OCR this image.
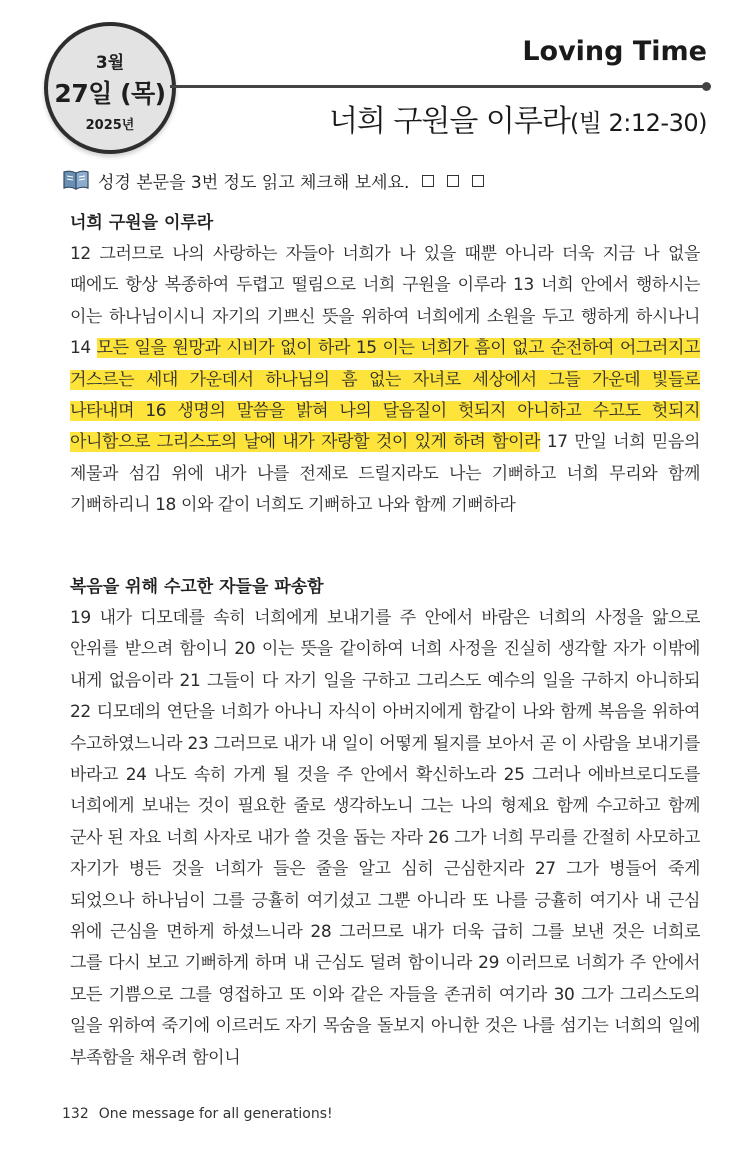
3월
27일 (목)
2025년
Loving Time
너희 구원을 이루라(빌 2:12-30)
성경 본문을 3번 정도 읽고 체크해 보세요.
너희 구원을 이루라

12 그러므로 나의 사랑하는 자들아 너희가 나 있을 때뿐 아니라 더욱 지금 나 없을 때에도 항상 복종하여 두렵고 떨림으로 너희 구원을 이루라 13 너희 안에서 행하시는 이는 하나님이시니 자기의 기쁘신 뜻을 위하여 너희에게 소원을 두고 행하게 하시나니 14 모든 일을 원망과 시비가 없이 하라 15 이는 너희가 흠이 없고 순전하여 어그러지고 거스르는 세대 가운데서 하나님의 흠 없는 자녀로 세상에서 그들 가운데 빛들로 나타내며 16 생명의 말씀을 밝혀 나의 달음질이 헛되지 아니하고 수고도 헛되지 아니함으로 그리스도의 날에 내가 자랑할 것이 있게 하려 함이라 17 만일 너희 믿음의 제물과 섬김 위에 내가 나를 전제로 드릴지라도 나는 기뻐하고 너희 무리와 함께 기뻐하리니 18 이와 같이 너희도 기뻐하고 나와 함께 기뻐하라

복음을 위해 수고한 자들을 파송함

19 내가 디모데를 속히 너희에게 보내기를 주 안에서 바람은 너희의 사정을 앎으로 안위를 받으려 함이니 20 이는 뜻을 같이하여 너희 사정을 진실히 생각할 자가 이밖에 내게 없음이라 21 그들이 다 자기 일을 구하고 그리스도 예수의 일을 구하지 아니하되 22 디모데의 연단을 너희가 아나니 자식이 아버지에게 함같이 나와 함께 복음을 위하여 수고하였느니라 23 그러므로 내가 내 일이 어떻게 될지를 보아서 곧 이 사람을 보내기를 바라고 24 나도 속히 가게 될 것을 주 안에서 확신하노라 25 그러나 에바브로디도를 너희에게 보내는 것이 필요한 줄로 생각하노니 그는 나의 형제요 함께 수고하고 함께 군사 된 자요 너희 사자로 내가 쓸 것을 돕는 자라 26 그가 너희 무리를 간절히 사모하고 자기가 병든 것을 너희가 들은 줄을 알고 심히 근심한지라 27 그가 병들어 죽게 되었으나 하나님이 그를 긍휼히 여기셨고 그뿐 아니라 또 나를 긍휼히 여기사 내 근심 위에 근심을 면하게 하셨느니라 28 그러므로 내가 더욱 급히 그를 보낸 것은 너희로 그를 다시 보고 기뻐하게 하며 내 근심도 덜려 함이니라 29 이러므로 너희가 주 안에서 모든 기쁨으로 그를 영접하고 또 이와 같은 자들을 존귀히 여기라 30 그가 그리스도의 일을 위하여 죽기에 이르러도 자기 목숨을 돌보지 아니한 것은 나를 섬기는 너희의 일에 부족함을 채우려 함이니

132 One message for all generations!
